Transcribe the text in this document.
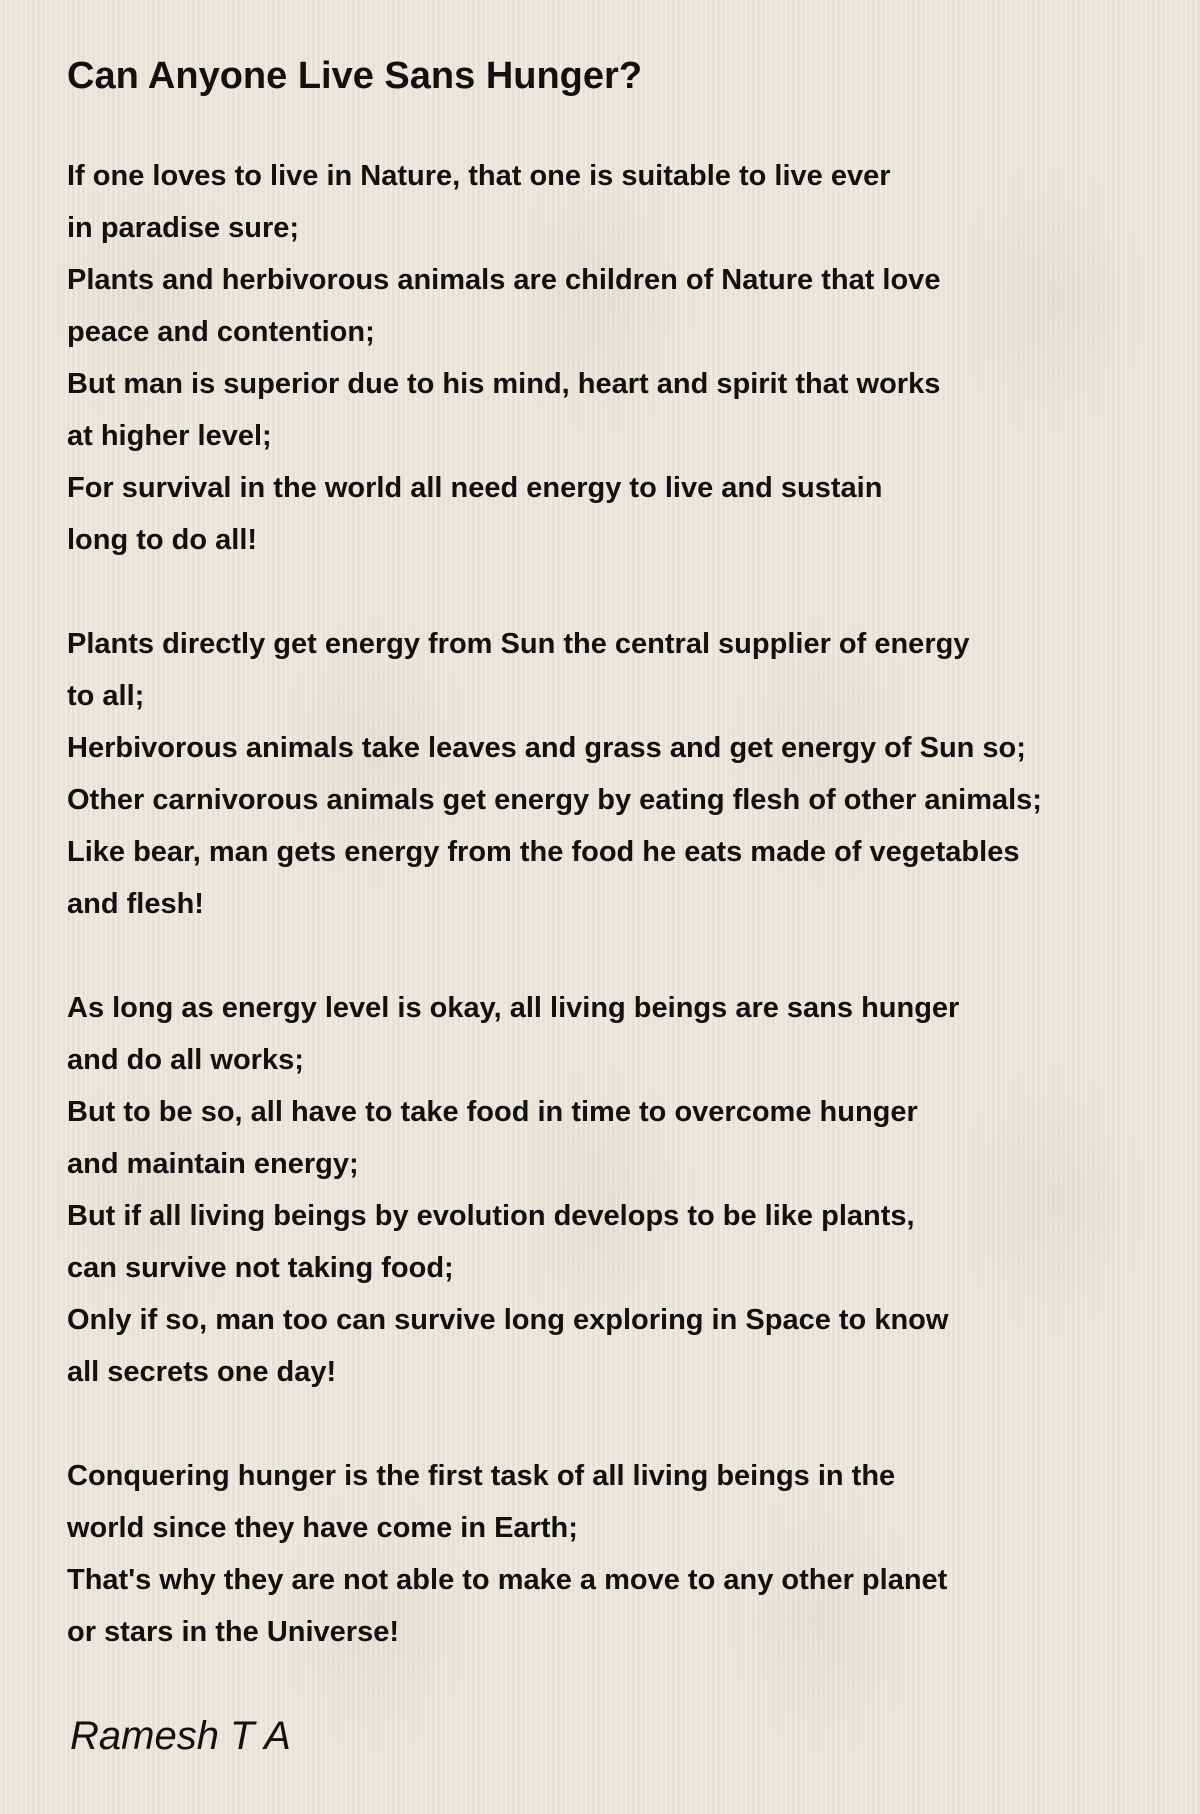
Can Anyone Live Sans Hunger?
If one loves to live in Nature, that one is suitable to live ever
in paradise sure;
Plants and herbivorous animals are children of Nature that love
peace and contention;
But man is superior due to his mind, heart and spirit that works
at higher level;
For survival in the world all need energy to live and sustain
long to do all!
Plants directly get energy from Sun the central supplier of energy
to all;
Herbivorous animals take leaves and grass and get energy of Sun so;
Other carnivorous animals get energy by eating flesh of other animals;
Like bear, man gets energy from the food he eats made of vegetables
and flesh!
As long as energy level is okay, all living beings are sans hunger
and do all works;
But to be so, all have to take food in time to overcome hunger
and maintain energy;
But if all living beings by evolution develops to be like plants,
can survive not taking food;
Only if so, man too can survive long exploring in Space to know
all secrets one day!
Conquering hunger is the first task of all living beings in the
world since they have come in Earth;
That's why they are not able to make a move to any other planet
or stars in the Universe!

Ramesh T A
